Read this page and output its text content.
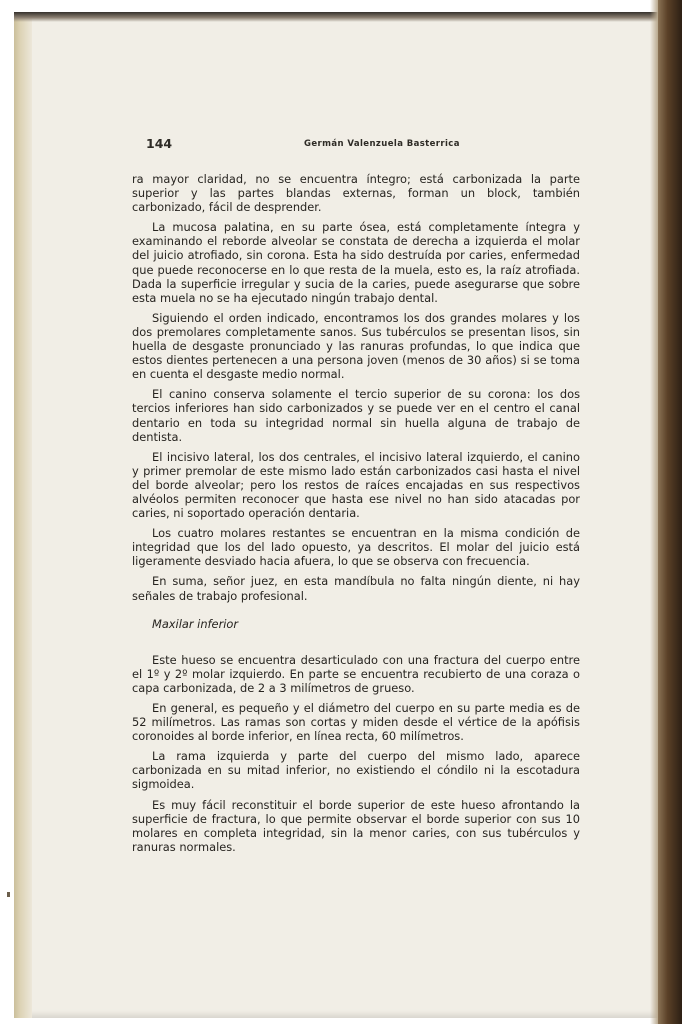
144	Germán Valenzuela Basterrica

ra mayor claridad, no se encuentra íntegro; está carbonizada la parte superior y las partes blandas externas, forman un block, también carbonizado, fácil de desprender.

La mucosa palatina, en su parte ósea, está completamente íntegra y examinando el reborde alveolar se constata de derecha a izquierda el molar del juicio atrofiado, sin corona. Esta ha sido destruída por caries, enfermedad que puede reconocerse en lo que resta de la muela, esto es, la raíz atrofiada. Dada la superficie irregular y sucia de la caries, puede asegurarse que sobre esta muela no se ha ejecutado ningún trabajo dental.

Siguiendo el orden indicado, encontramos los dos grandes molares y los dos premolares completamente sanos. Sus tubérculos se presentan lisos, sin huella de desgaste pronunciado y las ranuras profundas, lo que indica que estos dientes pertenecen a una persona joven (menos de 30 años) si se toma en cuenta el desgaste medio normal.

El canino conserva solamente el tercio superior de su corona: los dos tercios inferiores han sido carbonizados y se puede ver en el centro el canal dentario en toda su integridad normal sin huella alguna de trabajo de dentista.

El incisivo lateral, los dos centrales, el incisivo lateral izquierdo, el canino y primer premolar de este mismo lado están carbonizados casi hasta el nivel del borde alveolar; pero los restos de raíces encajadas en sus respectivos alvéolos permiten reconocer que hasta ese nivel no han sido atacadas por caries, ni soportado operación dentaria.

Los cuatro molares restantes se encuentran en la misma condición de integridad que los del lado opuesto, ya descritos. El molar del juicio está ligeramente desviado hacia afuera, lo que se observa con frecuencia.

En suma, señor juez, en esta mandíbula no falta ningún diente, ni hay señales de trabajo profesional.

Maxilar inferior

Este hueso se encuentra desarticulado con una fractura del cuerpo entre el 1º y 2º molar izquierdo. En parte se encuentra recubierto de una coraza o capa carbonizada, de 2 a 3 milímetros de grueso.

En general, es pequeño y el diámetro del cuerpo en su parte media es de 52 milímetros. Las ramas son cortas y miden desde el vértice de la apófisis coronoides al borde inferior, en línea recta, 60 milímetros.

La rama izquierda y parte del cuerpo del mismo lado, aparece carbonizada en su mitad inferior, no existiendo el cóndilo ni la escotadura sigmoidea.

Es muy fácil reconstituir el borde superior de este hueso afrontando la superficie de fractura, lo que permite observar el borde superior con sus 10 molares en completa integridad, sin la menor caries, con sus tubérculos y ranuras normales.
